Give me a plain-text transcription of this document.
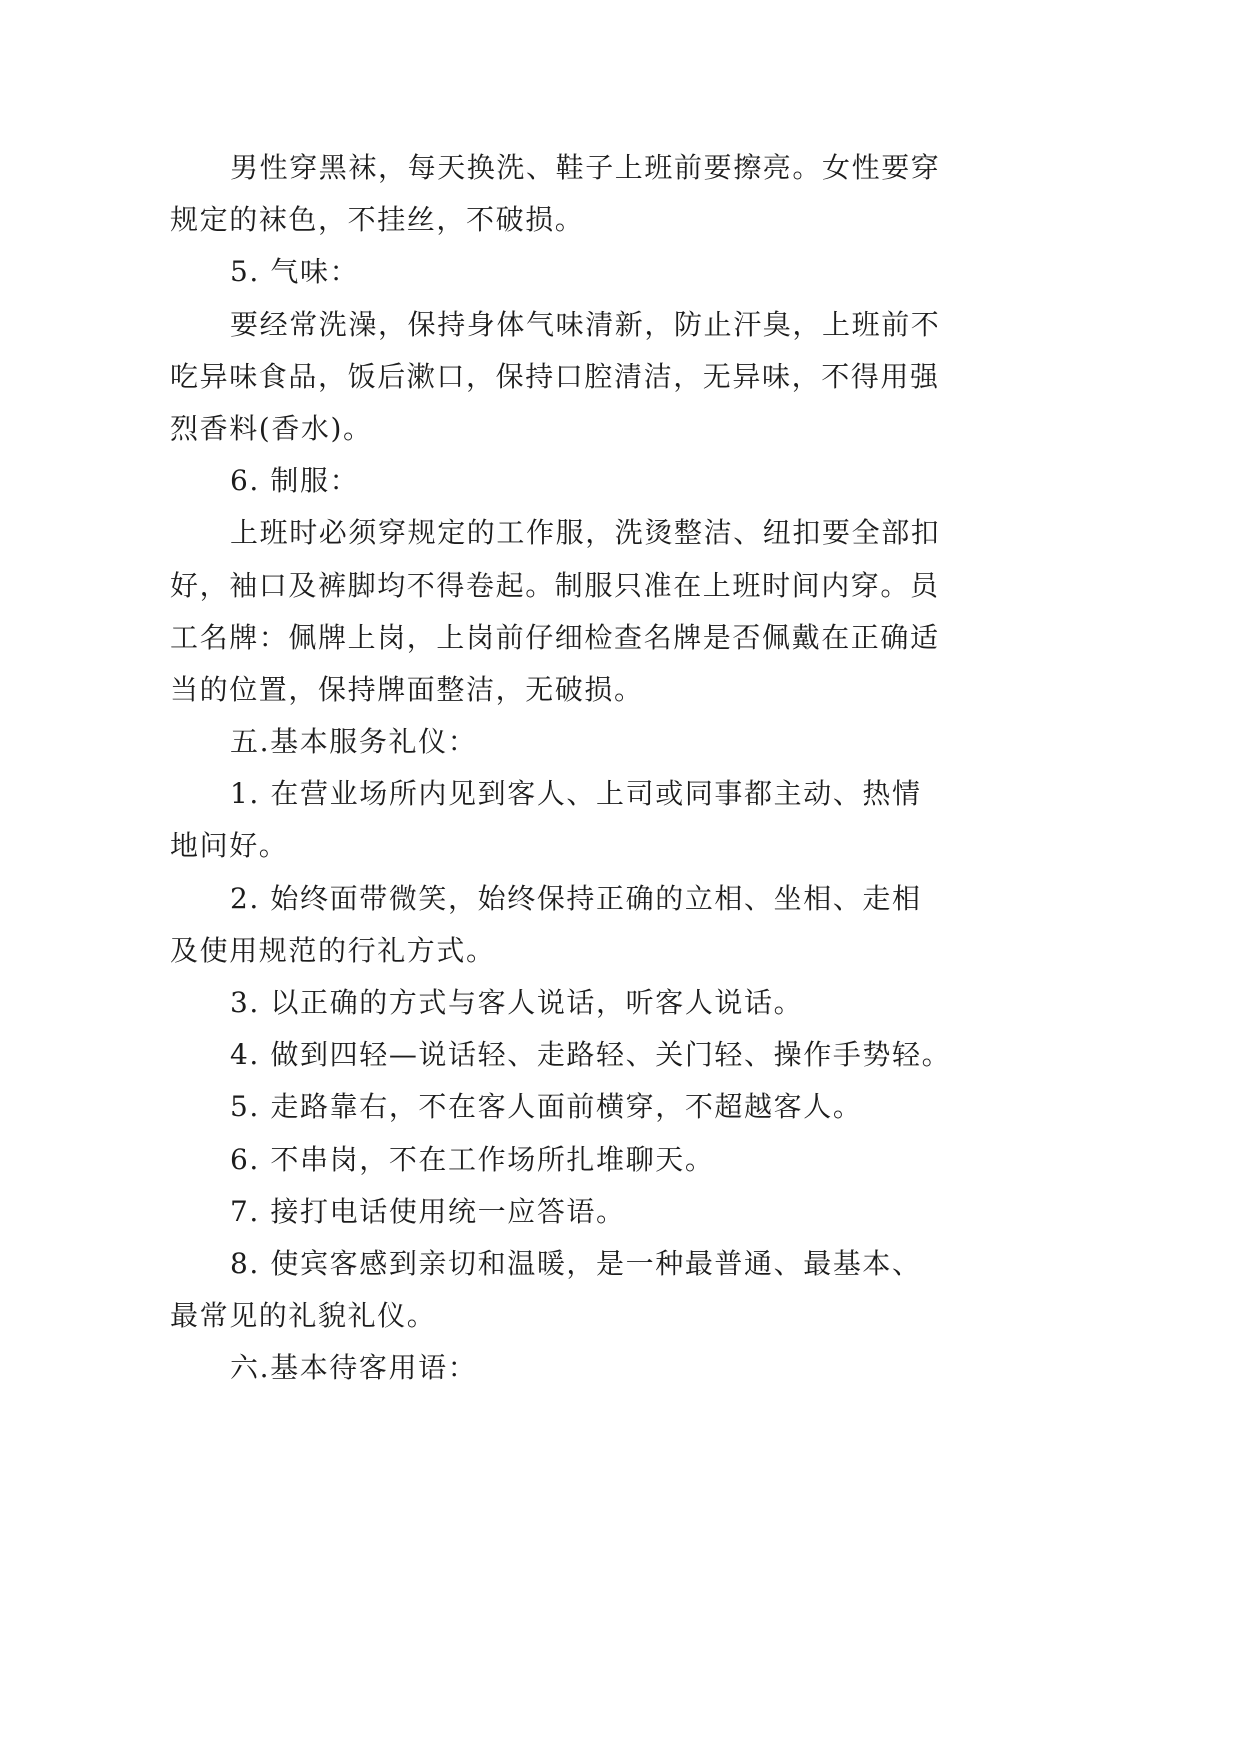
男性穿黑袜，每天换洗、鞋子上班前要擦亮。女性要穿
规定的袜色，不挂丝，不破损。
5. 气味：
要经常洗澡，保持身体气味清新，防止汗臭，上班前不
吃异味食品，饭后漱口，保持口腔清洁，无异味，不得用强
烈香料(香水)。
6. 制服：
上班时必须穿规定的工作服，洗烫整洁、纽扣要全部扣
好，袖口及裤脚均不得卷起。制服只准在上班时间内穿。员
工名牌：佩牌上岗，上岗前仔细检查名牌是否佩戴在正确适
当的位置，保持牌面整洁，无破损。
五.基本服务礼仪：
1. 在营业场所内见到客人、上司或同事都主动、热情
地问好。
2. 始终面带微笑，始终保持正确的立相、坐相、走相
及使用规范的行礼方式。
3. 以正确的方式与客人说话，听客人说话。
4. 做到四轻—说话轻、走路轻、关门轻、操作手势轻。
5. 走路靠右，不在客人面前横穿，不超越客人。
6. 不串岗，不在工作场所扎堆聊天。
7. 接打电话使用统一应答语。
8. 使宾客感到亲切和温暖，是一种最普通、最基本、
最常见的礼貌礼仪。
六.基本待客用语：
